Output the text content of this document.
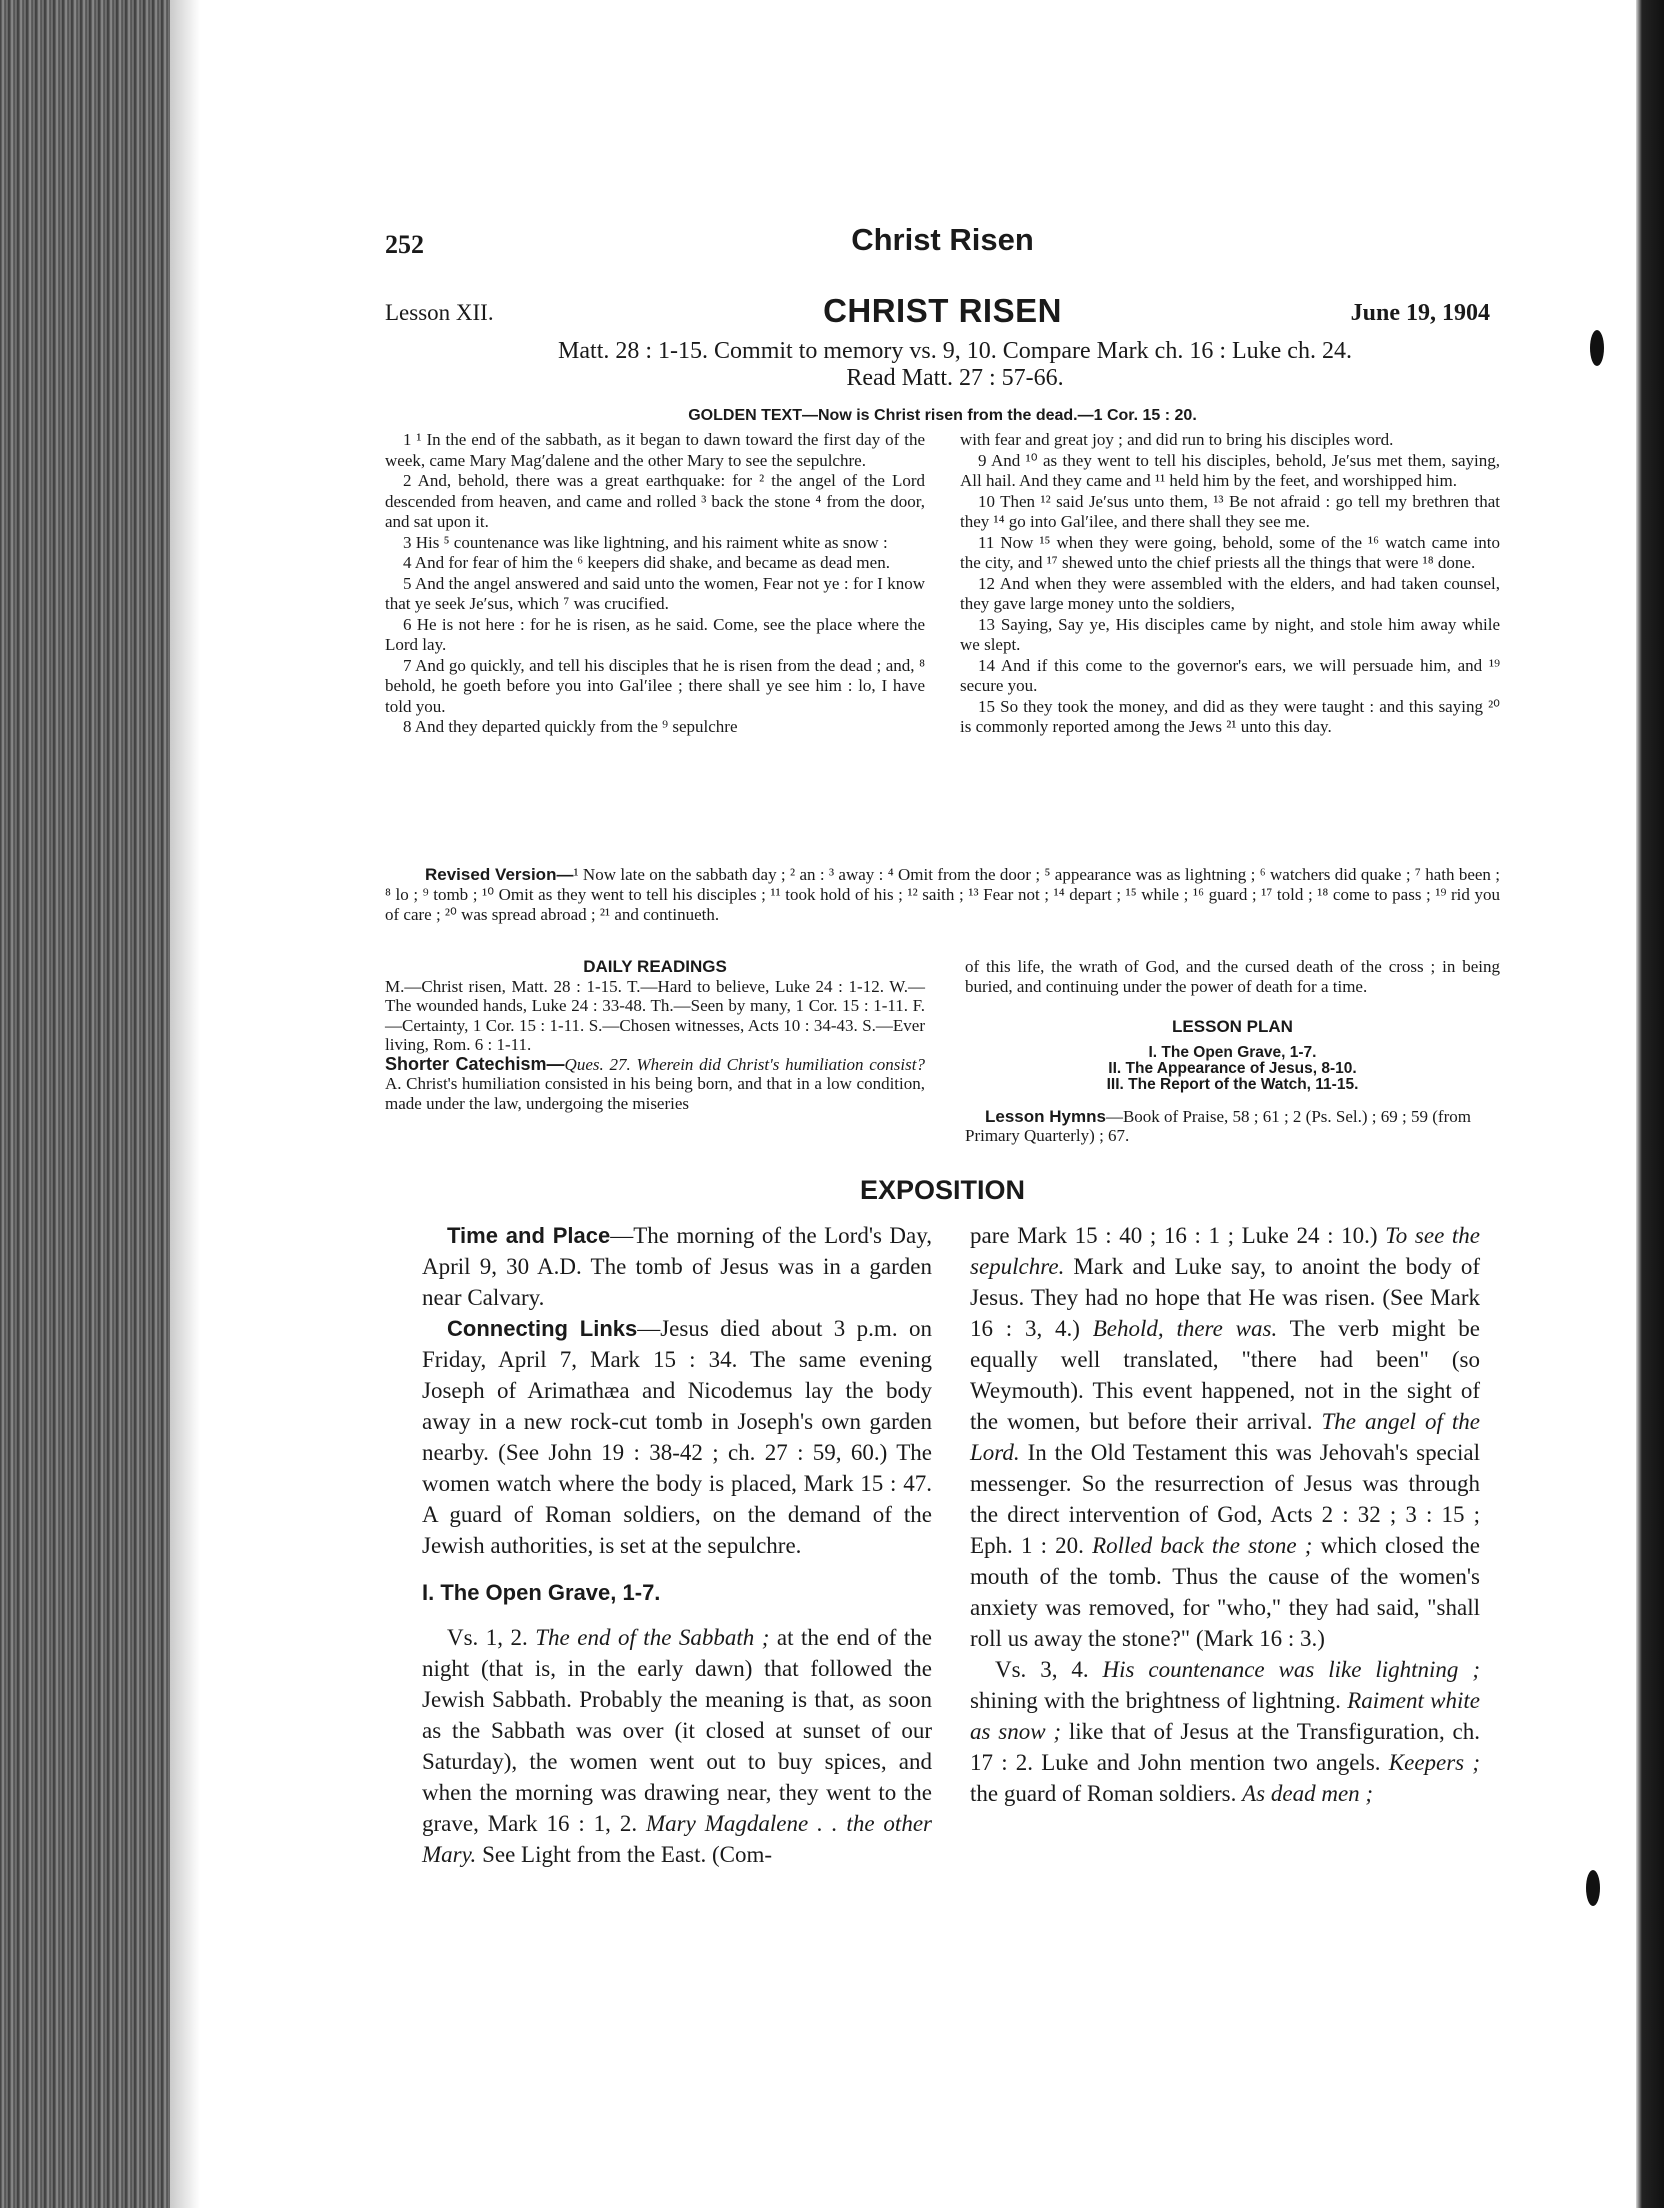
252	Christ Risen
Lesson XII.	CHRIST RISEN	June 19, 1904
Matt. 28 : 1-15. Commit to memory vs. 9, 10. Compare Mark ch. 16 : Luke ch. 24.
Read Matt. 27 : 57-66.
GOLDEN TEXT—Now is Christ risen from the dead.—1 Cor. 15 : 20.

1 ¹ In the end of the sabbath, as it began to dawn toward the first day of the week, came Mary Mag′dalene and the other Mary to see the sepulchre.

2 And, behold, there was a great earthquake: for ² the angel of the Lord descended from heaven, and came and rolled ³ back the stone ⁴ from the door, and sat upon it.

3 His ⁵ countenance was like lightning, and his raiment white as snow :

4 And for fear of him the ⁶ keepers did shake, and became as dead men.

5 And the angel answered and said unto the women, Fear not ye : for I know that ye seek Je′sus, which ⁷ was crucified.

6 He is not here : for he is risen, as he said. Come, see the place where the Lord lay.

7 And go quickly, and tell his disciples that he is risen from the dead ; and, ⁸ behold, he goeth before you into Gal′ilee ; there shall ye see him : lo, I have told you.

8 And they departed quickly from the ⁹ sepulchre

with fear and great joy ; and did run to bring his disciples word.

9 And ¹⁰ as they went to tell his disciples, behold, Je′sus met them, saying, All hail. And they came and ¹¹ held him by the feet, and worshipped him.

10 Then ¹² said Je′sus unto them, ¹³ Be not afraid : go tell my brethren that they ¹⁴ go into Gal′ilee, and there shall they see me.

11 Now ¹⁵ when they were going, behold, some of the ¹⁶ watch came into the city, and ¹⁷ shewed unto the chief priests all the things that were ¹⁸ done.

12 And when they were assembled with the elders, and had taken counsel, they gave large money unto the soldiers,

13 Saying, Say ye, His disciples came by night, and stole him away while we slept.

14 And if this come to the governor's ears, we will persuade him, and ¹⁹ secure you.

15 So they took the money, and did as they were taught : and this saying ²⁰ is commonly reported among the Jews ²¹ unto this day.

Revised Version—¹ Now late on the sabbath day ; ² an : ³ away : ⁴ Omit from the door ; ⁵ appearance was as lightning ; ⁶ watchers did quake ; ⁷ hath been ; ⁸ lo ; ⁹ tomb ; ¹⁰ Omit as they went to tell his disciples ; ¹¹ took hold of his ; ¹² saith ; ¹³ Fear not ; ¹⁴ depart ; ¹⁵ while ; ¹⁶ guard ; ¹⁷ told ; ¹⁸ come to pass ; ¹⁹ rid you of care ; ²⁰ was spread abroad ; ²¹ and continueth.
DAILY READINGS

M.—Christ risen, Matt. 28 : 1-15. T.—Hard to believe, Luke 24 : 1-12. W.—The wounded hands, Luke 24 : 33-48. Th.—Seen by many, 1 Cor. 15 : 1-11. F.—Certainty, 1 Cor. 15 : 1-11. S.—Chosen witnesses, Acts 10 : 34-43. S.—Ever living, Rom. 6 : 1-11.

Shorter Catechism—Ques. 27. Wherein did Christ's humiliation consist? A. Christ's humiliation consisted in his being born, and that in a low condition, made under the law, undergoing the miseries

of this life, the wrath of God, and the cursed death of the cross ; in being buried, and continuing under the power of death for a time.
LESSON PLAN
I. The Open Grave, 1-7.
II. The Appearance of Jesus, 8-10.
III. The Report of the Watch, 11-15.
Lesson Hymns—Book of Praise, 58 ; 61 ; 2 (Ps. Sel.) ; 69 ; 59 (from Primary Quarterly) ; 67.
EXPOSITION

Time and Place—The morning of the Lord's Day, April 9, 30 A.D. The tomb of Jesus was in a garden near Calvary.

Connecting Links—Jesus died about 3 p.m. on Friday, April 7, Mark 15 : 34. The same evening Joseph of Arimathæa and Nicodemus lay the body away in a new rock-cut tomb in Joseph's own garden nearby. (See John 19 : 38-42 ; ch. 27 : 59, 60.) The women watch where the body is placed, Mark 15 : 47. A guard of Roman soldiers, on the demand of the Jewish authorities, is set at the sepulchre.

I. The Open Grave, 1-7.

Vs. 1, 2. The end of the Sabbath ; at the end of the night (that is, in the early dawn) that followed the Jewish Sabbath. Probably the meaning is that, as soon as the Sabbath was over (it closed at sunset of our Saturday), the women went out to buy spices, and when the morning was drawing near, they went to the grave, Mark 16 : 1, 2. Mary Magdalene . . the other Mary. See Light from the East. (Com-

pare Mark 15 : 40 ; 16 : 1 ; Luke 24 : 10.) To see the sepulchre. Mark and Luke say, to anoint the body of Jesus. They had no hope that He was risen. (See Mark 16 : 3, 4.) Behold, there was. The verb might be equally well translated, "there had been" (so Weymouth). This event happened, not in the sight of the women, but before their arrival. The angel of the Lord. In the Old Testament this was Jehovah's special messenger. So the resurrection of Jesus was through the direct intervention of God, Acts 2 : 32 ; 3 : 15 ; Eph. 1 : 20. Rolled back the stone ; which closed the mouth of the tomb. Thus the cause of the women's anxiety was removed, for "who," they had said, "shall roll us away the stone?" (Mark 16 : 3.)

Vs. 3, 4. His countenance was like lightning ; shining with the brightness of lightning. Raiment white as snow ; like that of Jesus at the Transfiguration, ch. 17 : 2. Luke and John mention two angels. Keepers ; the guard of Roman soldiers. As dead men ;
